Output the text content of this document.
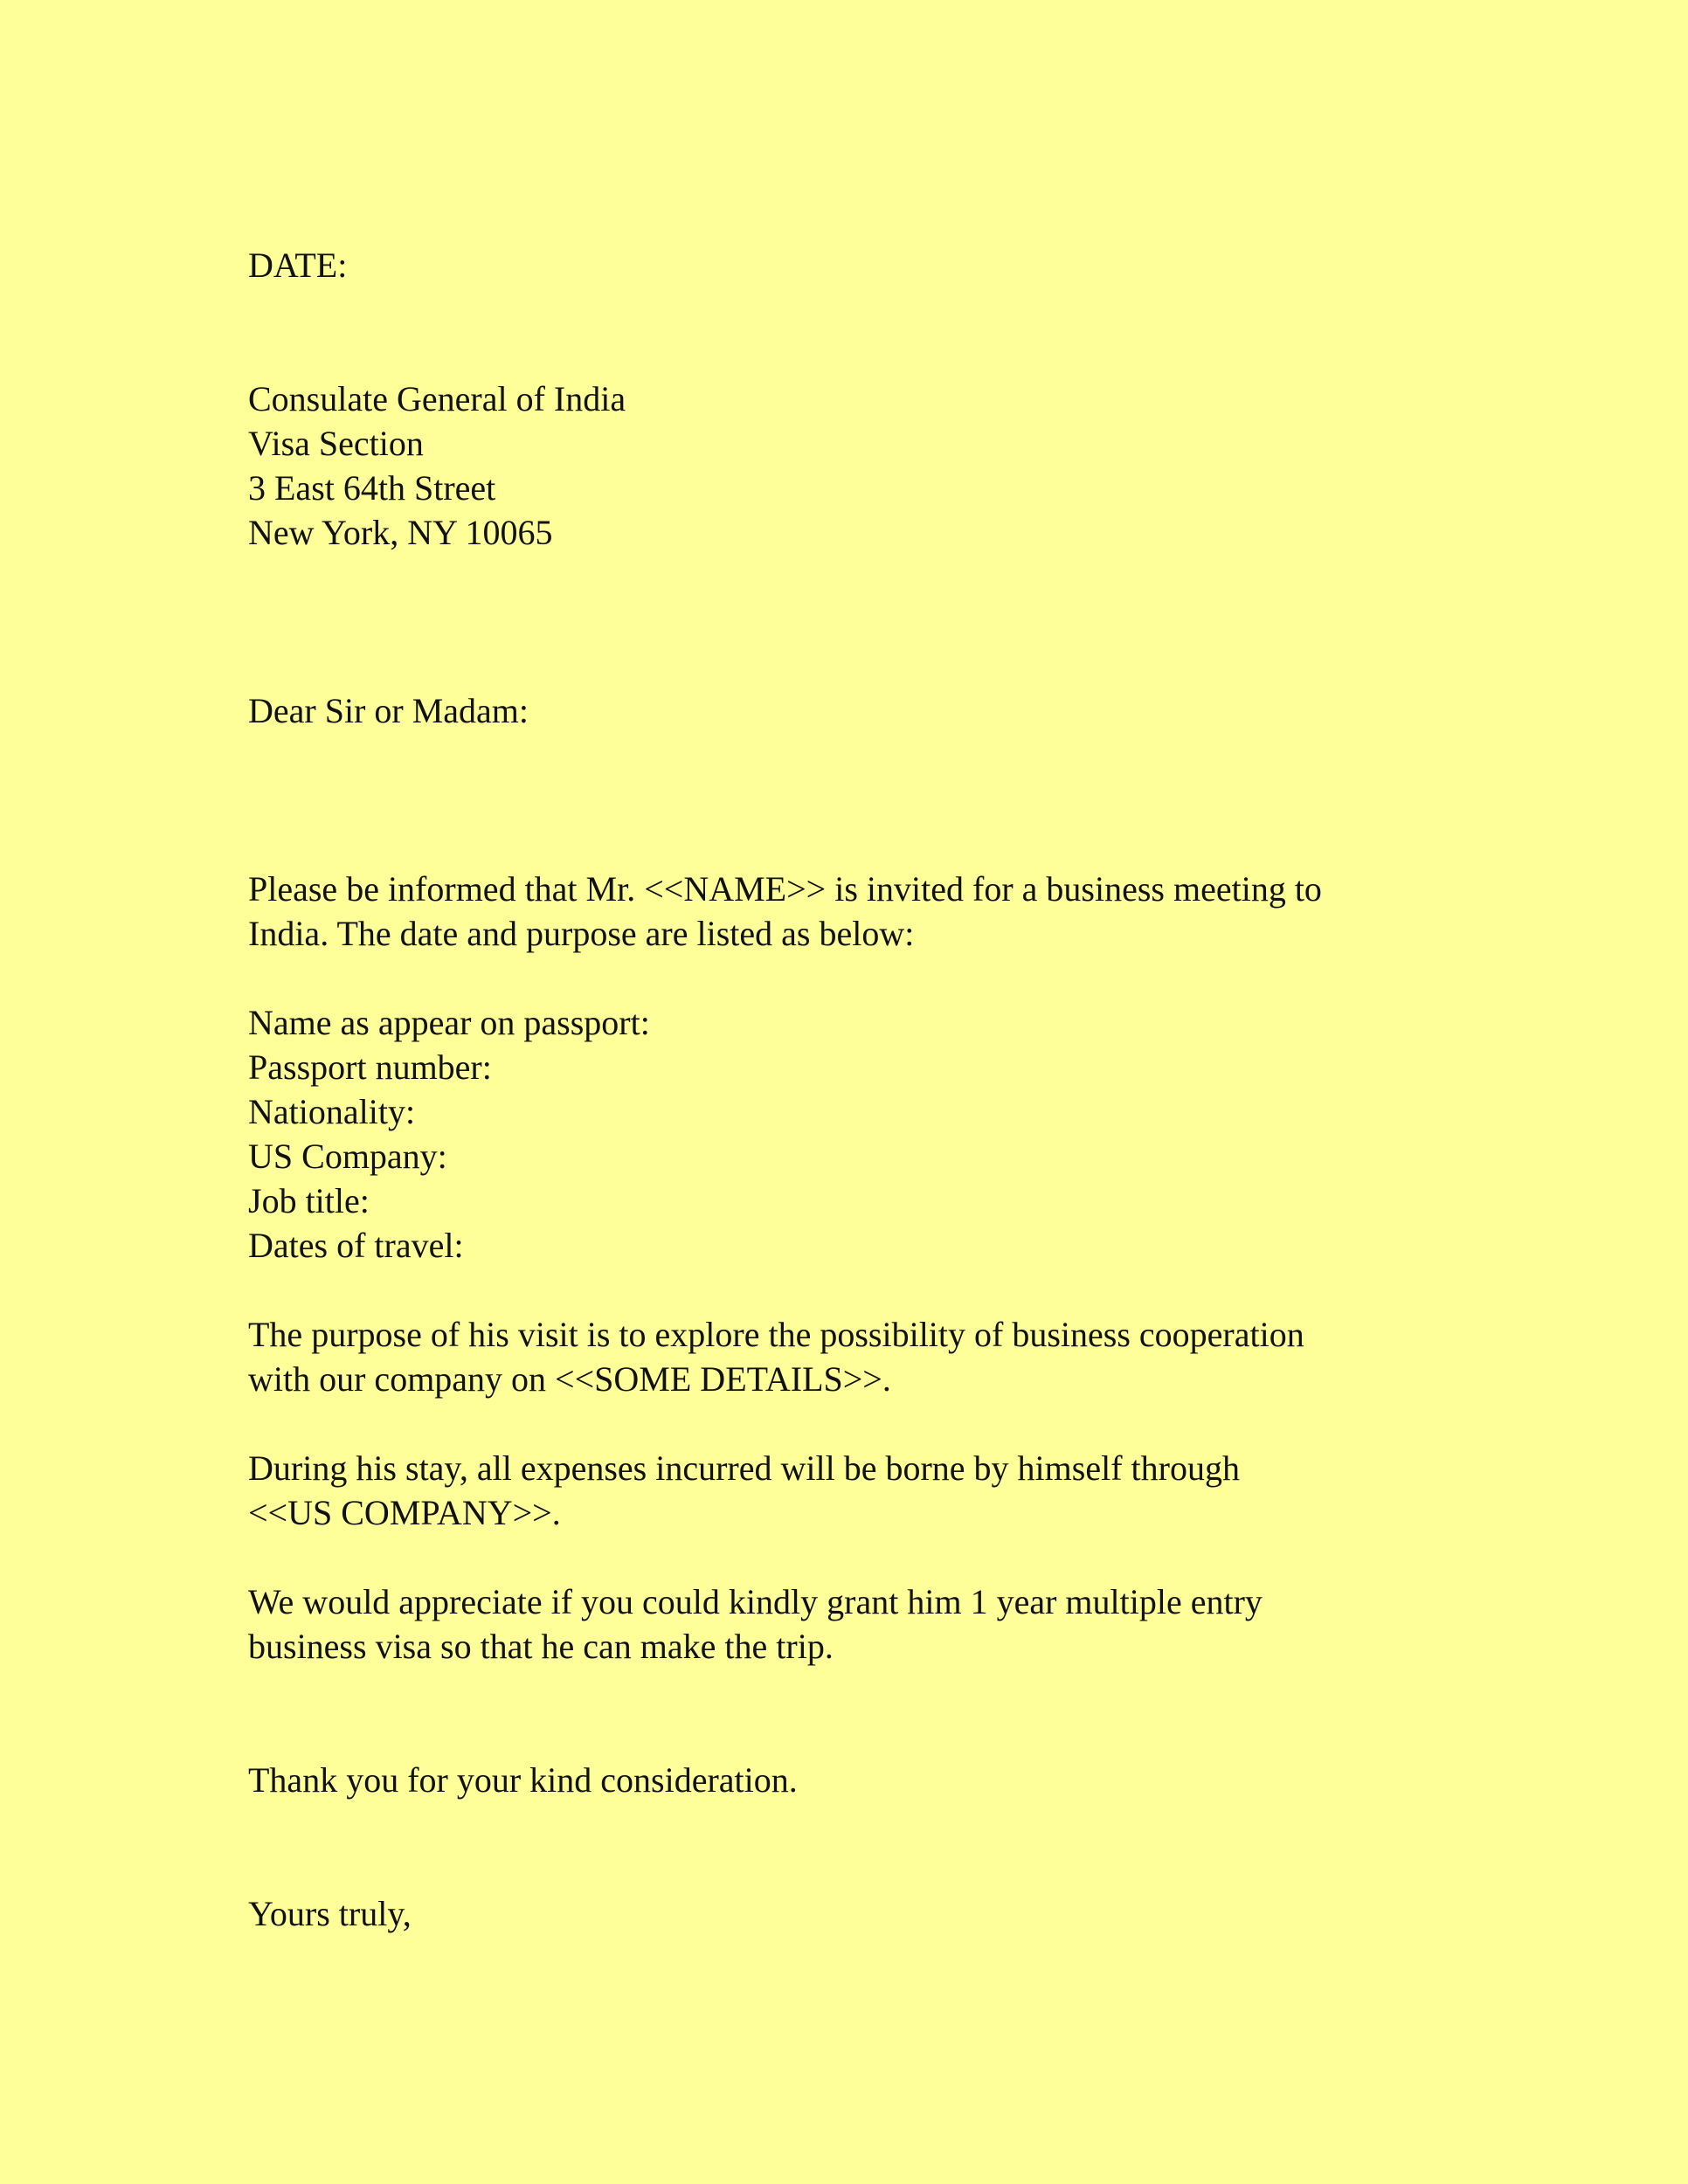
DATE:
Consulate General of India
Visa Section
3 East 64th Street
New York, NY 10065
Dear Sir or Madam:
Please be informed that Mr. <<NAME>> is invited for a business meeting to
India. The date and purpose are listed as below:
Name as appear on passport:
Passport number:
Nationality:
US Company:
Job title:
Dates of travel:
The purpose of his visit is to explore the possibility of business cooperation
with our company on <<SOME DETAILS>>.
During his stay, all expenses incurred will be borne by himself through
<<US COMPANY>>.
We would appreciate if you could kindly grant him 1 year multiple entry
business visa so that he can make the trip.
Thank you for your kind consideration.
Yours truly,
